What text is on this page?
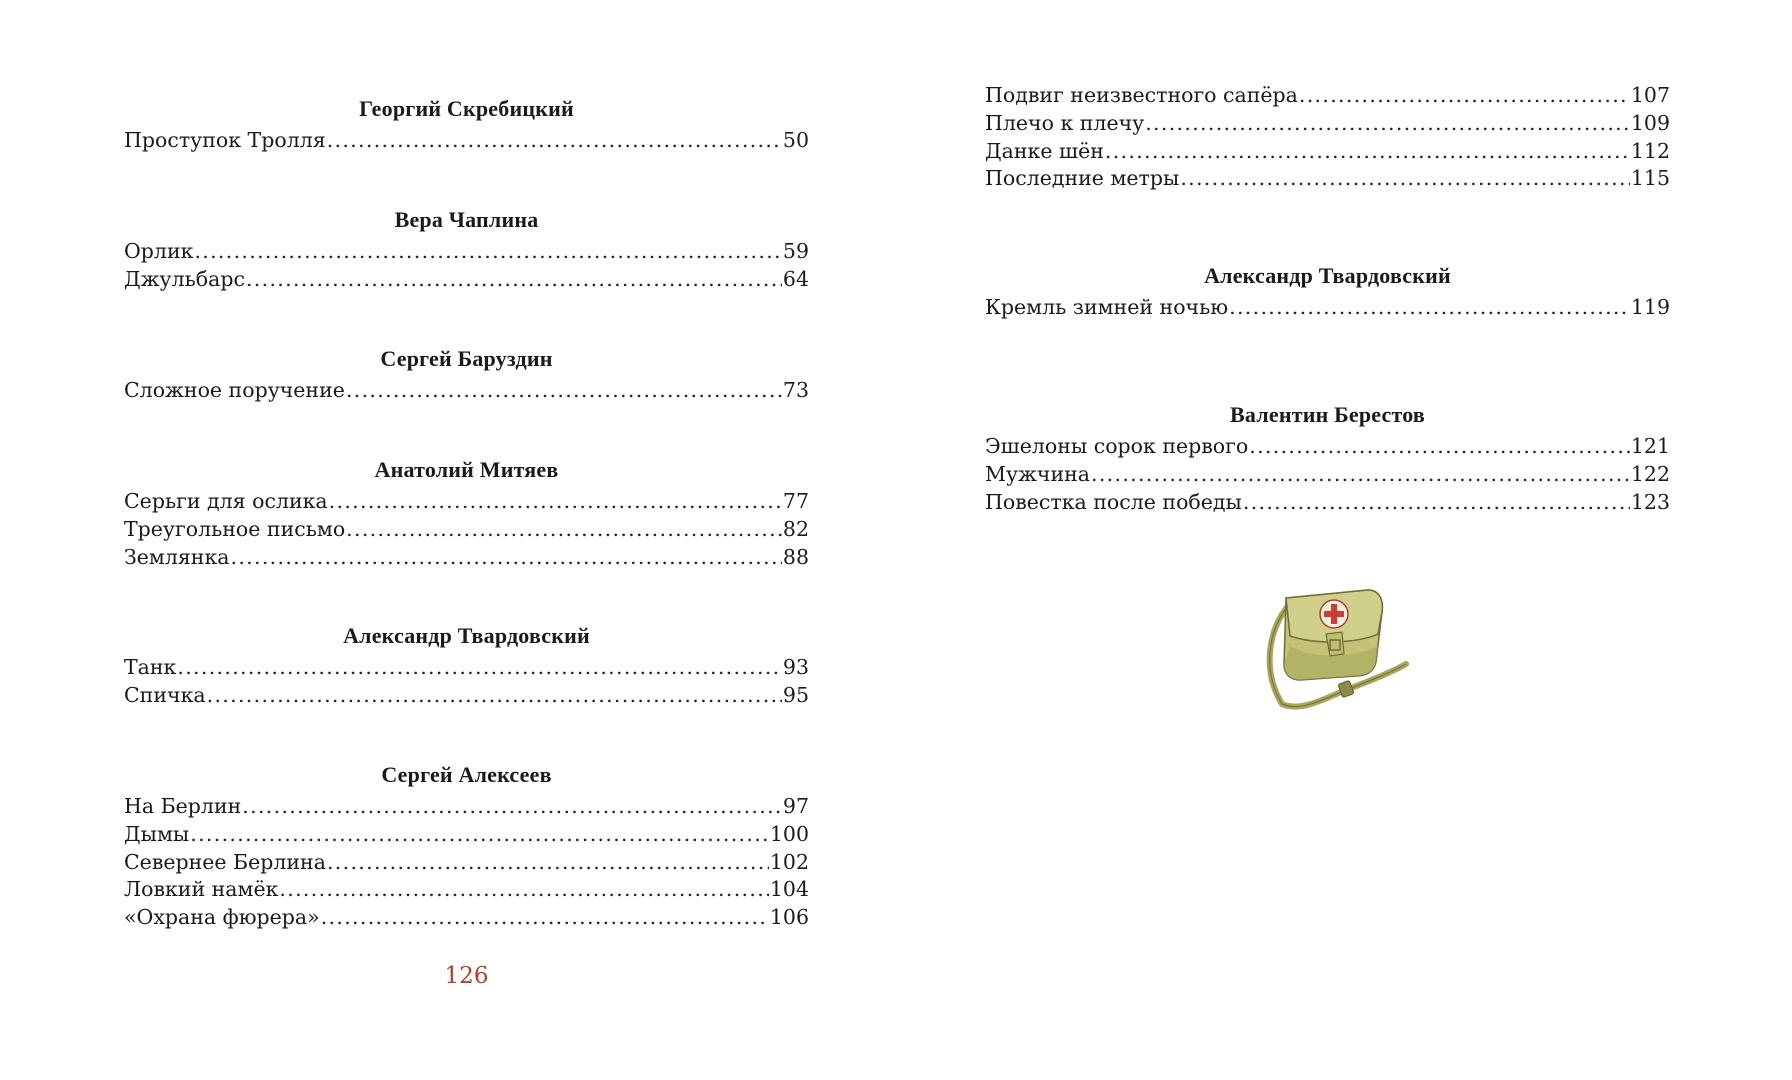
Георгий Скребицкий
Проступок Тролля . . .	50
Вера Чаплина
Орлик . . .	59
Джульбарс . . .	64
Сергей Баруздин
Сложное поручение . . .	73
Анатолий Митяев
Серьги для ослика . . .	77
Треугольное письмо . . .	82
Землянка . . .	88
Александр Твардовский
Танк . . .	93
Спичка . . .	95
Сергей Алексеев
На Берлин . . .	97
Дымы . . .	100
Севернее Берлина . . .	102
Ловкий намёк . . .	104
«Охрана фюрера» . . .	106
126
Подвиг неизвестного сапёра . . .	107
Плечо к плечу . . .	109
Данке шён . . .	112
Последние метры . . .	115
Александр Твардовский
Кремль зимней ночью . . .	119
Валентин Берестов
Эшелоны сорок первого . . .	121
Мужчина . . .	122
Повестка после победы . . .	123
